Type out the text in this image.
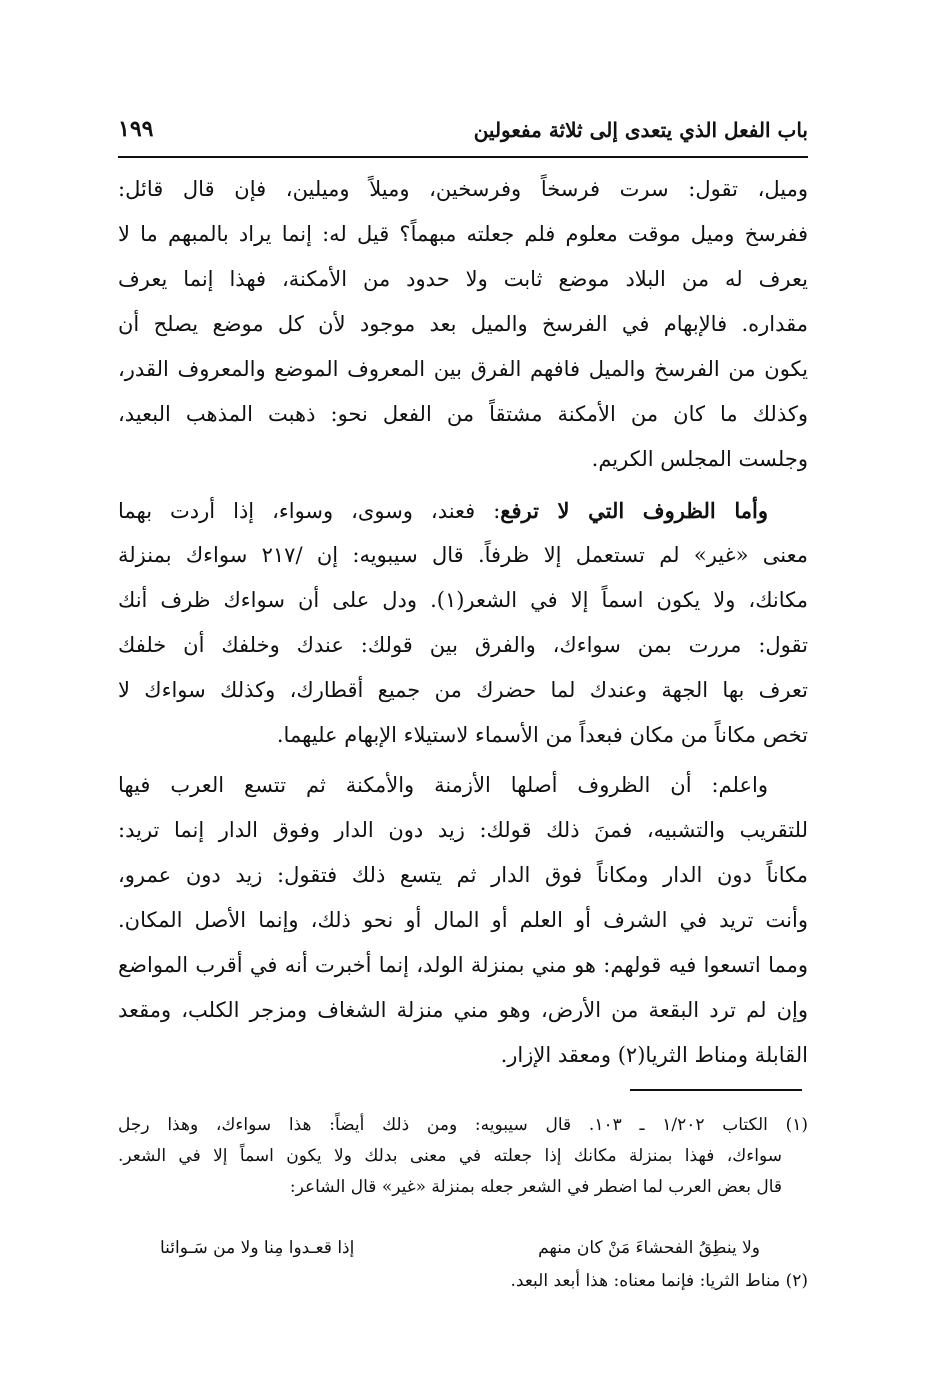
باب الفعل الذي يتعدى إلى ثلاثة مفعولين
١٩٩
وميل، تقول: سرت فرسخاً وفرسخين، وميلاً وميلين، فإن قال قائل:
ففرسخ وميل موقت معلوم فلم جعلته مبهماً؟ قيل له: إنما يراد بالمبهم ما لا
يعرف له من البلاد موضع ثابت ولا حدود من الأمكنة، فهذا إنما يعرف
مقداره. فالإبهام في الفرسخ والميل بعد موجود لأن كل موضع يصلح أن
يكون من الفرسخ والميل فافهم الفرق بين المعروف الموضع والمعروف القدر،
وكذلك ما كان من الأمكنة مشتقاً من الفعل نحو: ذهبت المذهب البعيد،
وجلست المجلس الكريم.
وأما الظروف التي لا ترفع: فعند، وسوى، وسواء، إذا أردت بهما
معنى «غير» لم تستعمل إلا ظرفاً. قال سيبويه: إن /٢١٧ سواءك بمنزلة
مكانك، ولا يكون اسماً إلا في الشعر(١). ودل على أن سواءك ظرف أنك
تقول: مررت بمن سواءك، والفرق بين قولك: عندك وخلفك أن خلفك
تعرف بها الجهة وعندك لما حضرك من جميع أقطارك، وكذلك سواءك لا
تخص مكاناً من مكان فبعداً من الأسماء لاستيلاء الإبهام عليهما.
واعلم: أن الظروف أصلها الأزمنة والأمكنة ثم تتسع العرب فيها
للتقريب والتشبيه، فمنَ ذلك قولك: زيد دون الدار وفوق الدار إنما تريد:
مكاناً دون الدار ومكاناً فوق الدار ثم يتسع ذلك فتقول: زيد دون عمرو،
وأنت تريد في الشرف أو العلم أو المال أو نحو ذلك، وإنما الأصل المكان.
ومما اتسعوا فيه قولهم: هو مني بمنزلة الولد، إنما أخبرت أنه في أقرب المواضع
وإن لم ترد البقعة من الأرض، وهو مني منزلة الشغاف ومزجر الكلب، ومقعد
القابلة ومناط الثريا(٢) ومعقد الإزار.
(١) الكتاب ١/٢٠٢ ـ ١٠٣. قال سيبويه: ومن ذلك أيضاً: هذا سواءك، وهذا رجل
سواءك، فهذا بمنزلة مكانك إذا جعلته في معنى بدلك ولا يكون اسماً إلا في الشعر.
قال بعض العرب لما اضطر في الشعر جعله بمنزلة «غير» قال الشاعر:
ولا ينطِقُ الفحشاءَ مَنْ كان منهم
إذا قعـدوا مِنا ولا من سَـوائنا
(٢) مناط الثريا: فإنما معناه: هذا أبعد البعد.
